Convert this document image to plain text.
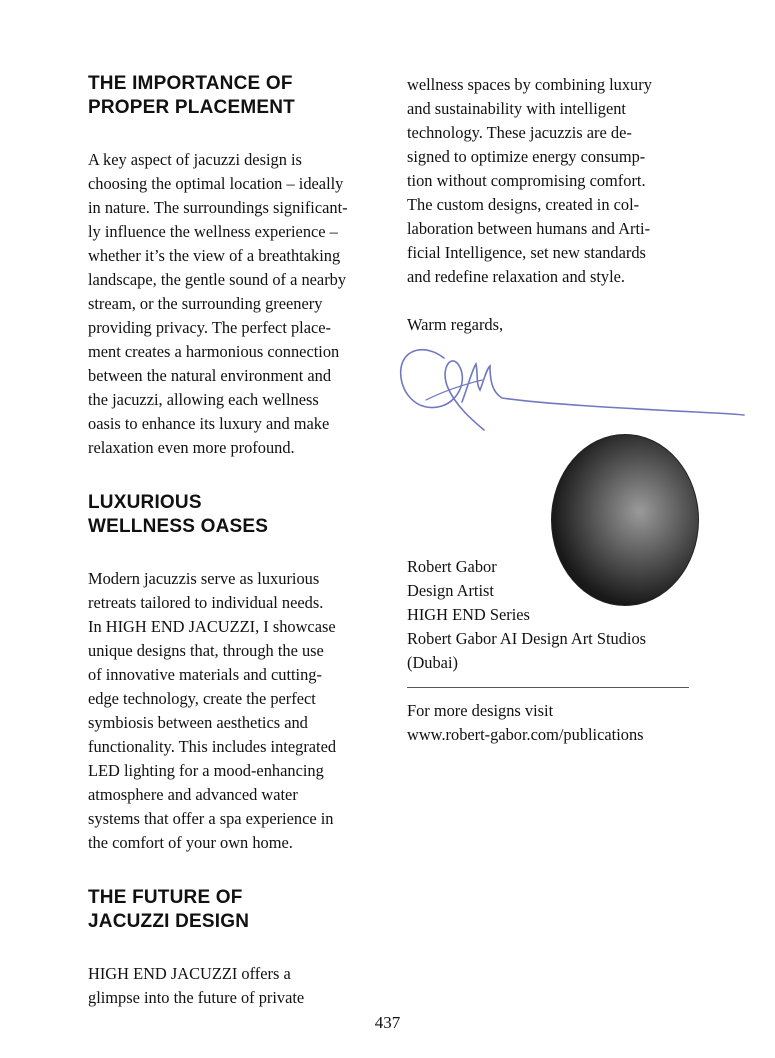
THE IMPORTANCE OF
PROPER PLACEMENT

A key aspect of jacuzzi design is
choosing the optimal location – ideally
in nature. The surroundings significant-
ly influence the wellness experience –
whether it’s the view of a breathtaking
landscape, the gentle sound of a nearby
stream, or the surrounding greenery
providing privacy. The perfect place-
ment creates a harmonious connection
between the natural environment and
the jacuzzi, allowing each wellness
oasis to enhance its luxury and make
relaxation even more profound.

LUXURIOUS
WELLNESS OASES

Modern jacuzzis serve as luxurious
retreats tailored to individual needs.
In HIGH END JACUZZI, I showcase
unique designs that, through the use
of innovative materials and cutting-
edge technology, create the perfect
symbiosis between aesthetics and
functionality. This includes integrated
LED lighting for a mood-enhancing
atmosphere and advanced water
systems that offer a spa experience in
the comfort of your own home.

THE FUTURE OF
JACUZZI DESIGN

HIGH END JACUZZI offers a
glimpse into the future of private

wellness spaces by combining luxury
and sustainability with intelligent
technology. These jacuzzis are de-
signed to optimize energy consump-
tion without compromising comfort.
The custom designs, created in col-
laboration between humans and Arti-
ficial Intelligence, set new standards
and redefine relaxation and style.

Warm regards,

Robert Gabor
Design Artist
HIGH END Series
Robert Gabor AI Design Art Studios
(Dubai)

For more designs visit
www.robert-gabor.com/publications

437
